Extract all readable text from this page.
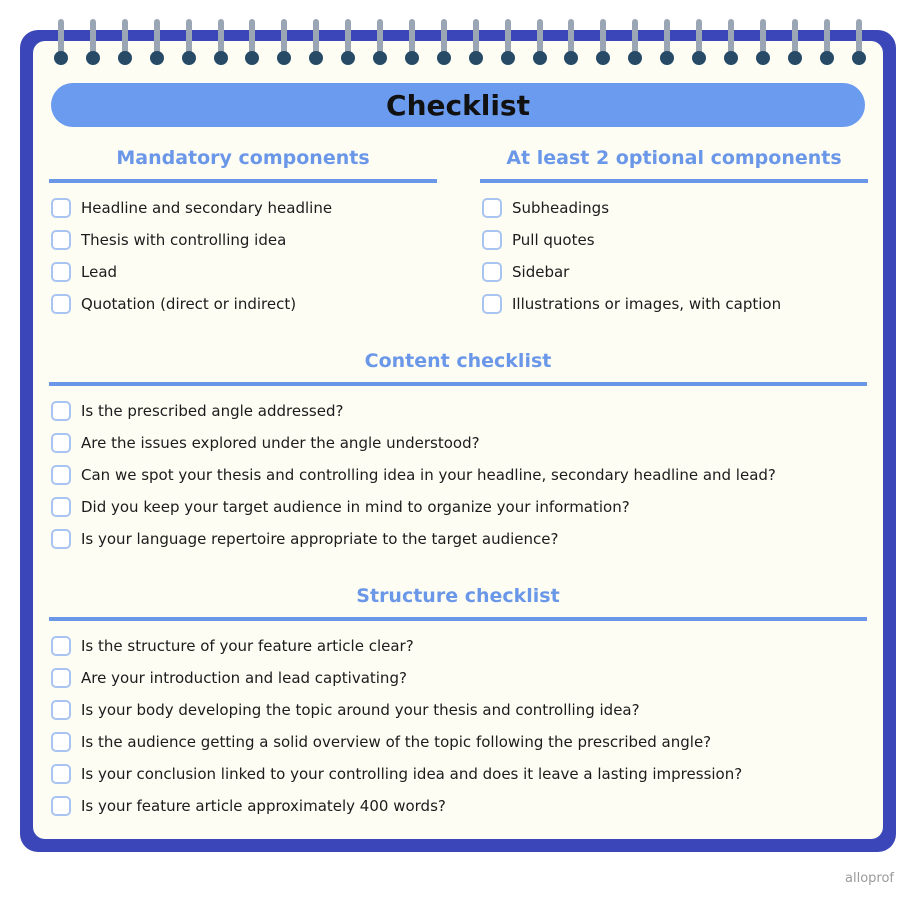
Checklist
Mandatory components	At least 2 optional components
Headline and secondary headline
Thesis with controlling idea
Lead
Quotation (direct or indirect)
Subheadings
Pull quotes
Sidebar
Illustrations or images, with caption
Content checklist
Is the prescribed angle addressed?
Are the issues explored under the angle understood?
Can we spot your thesis and controlling idea in your headline, secondary headline and lead?
Did you keep your target audience in mind to organize your information?
Is your language repertoire appropriate to the target audience?
Structure checklist
Is the structure of your feature article clear?
Are your introduction and lead captivating?
Is your body developing the topic around your thesis and controlling idea?
Is the audience getting a solid overview of the topic following the prescribed angle?
Is your conclusion linked to your controlling idea and does it leave a lasting impression?
Is your feature article approximately 400 words?
alloprof
